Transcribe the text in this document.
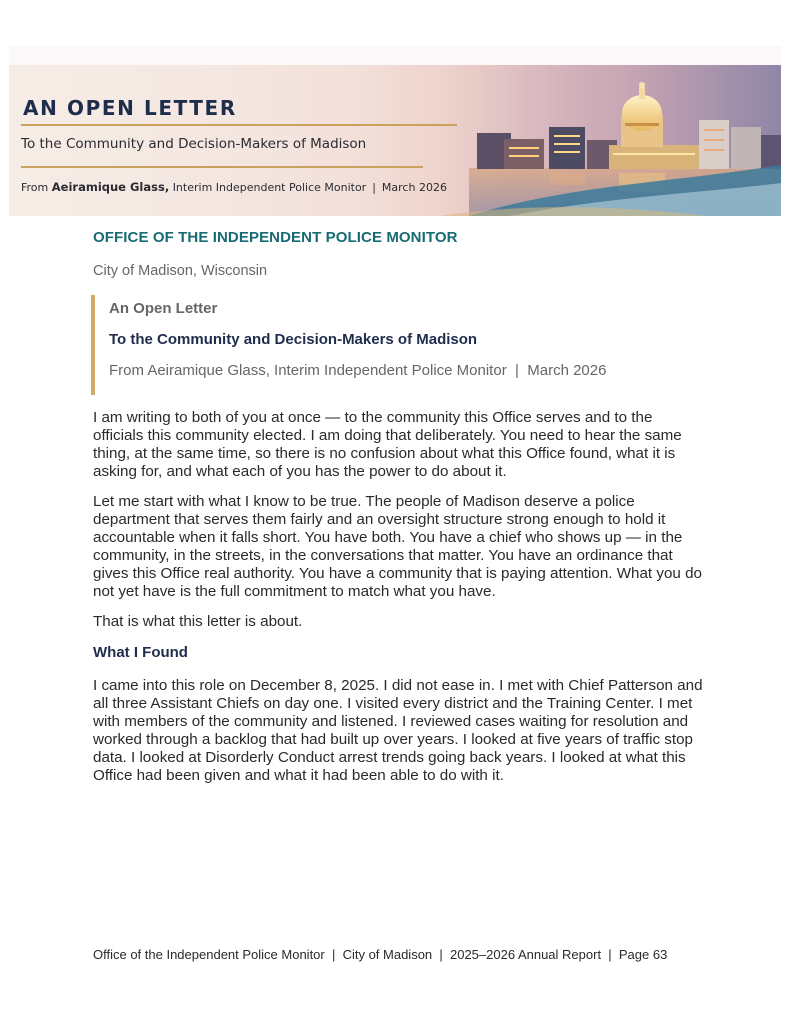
AN OPEN LETTER
To the Community and Decision-Makers of Madison
From Aeiramique Glass, Interim Independent Police Monitor | March 2026
OFFICE OF THE INDEPENDENT POLICE MONITOR
City of Madison, Wisconsin
An Open Letter
To the Community and Decision-Makers of Madison
From Aeiramique Glass, Interim Independent Police Monitor  |  March 2026
I am writing to both of you at once — to the community this Office serves and to the officials this community elected. I am doing that deliberately. You need to hear the same thing, at the same time, so there is no confusion about what this Office found, what it is asking for, and what each of you has the power to do about it.
Let me start with what I know to be true. The people of Madison deserve a police department that serves them fairly and an oversight structure strong enough to hold it accountable when it falls short. You have both. You have a chief who shows up — in the community, in the streets, in the conversations that matter. You have an ordinance that gives this Office real authority. You have a community that is paying attention. What you do not yet have is the full commitment to match what you have.
That is what this letter is about.
What I Found
I came into this role on December 8, 2025. I did not ease in. I met with Chief Patterson and all three Assistant Chiefs on day one. I visited every district and the Training Center. I met with members of the community and listened. I reviewed cases waiting for resolution and worked through a backlog that had built up over years. I looked at five years of traffic stop data. I looked at Disorderly Conduct arrest trends going back years. I looked at what this Office had been given and what it had been able to do with it.
Office of the Independent Police Monitor  |  City of Madison  |  2025–2026 Annual Report  |  Page 63
